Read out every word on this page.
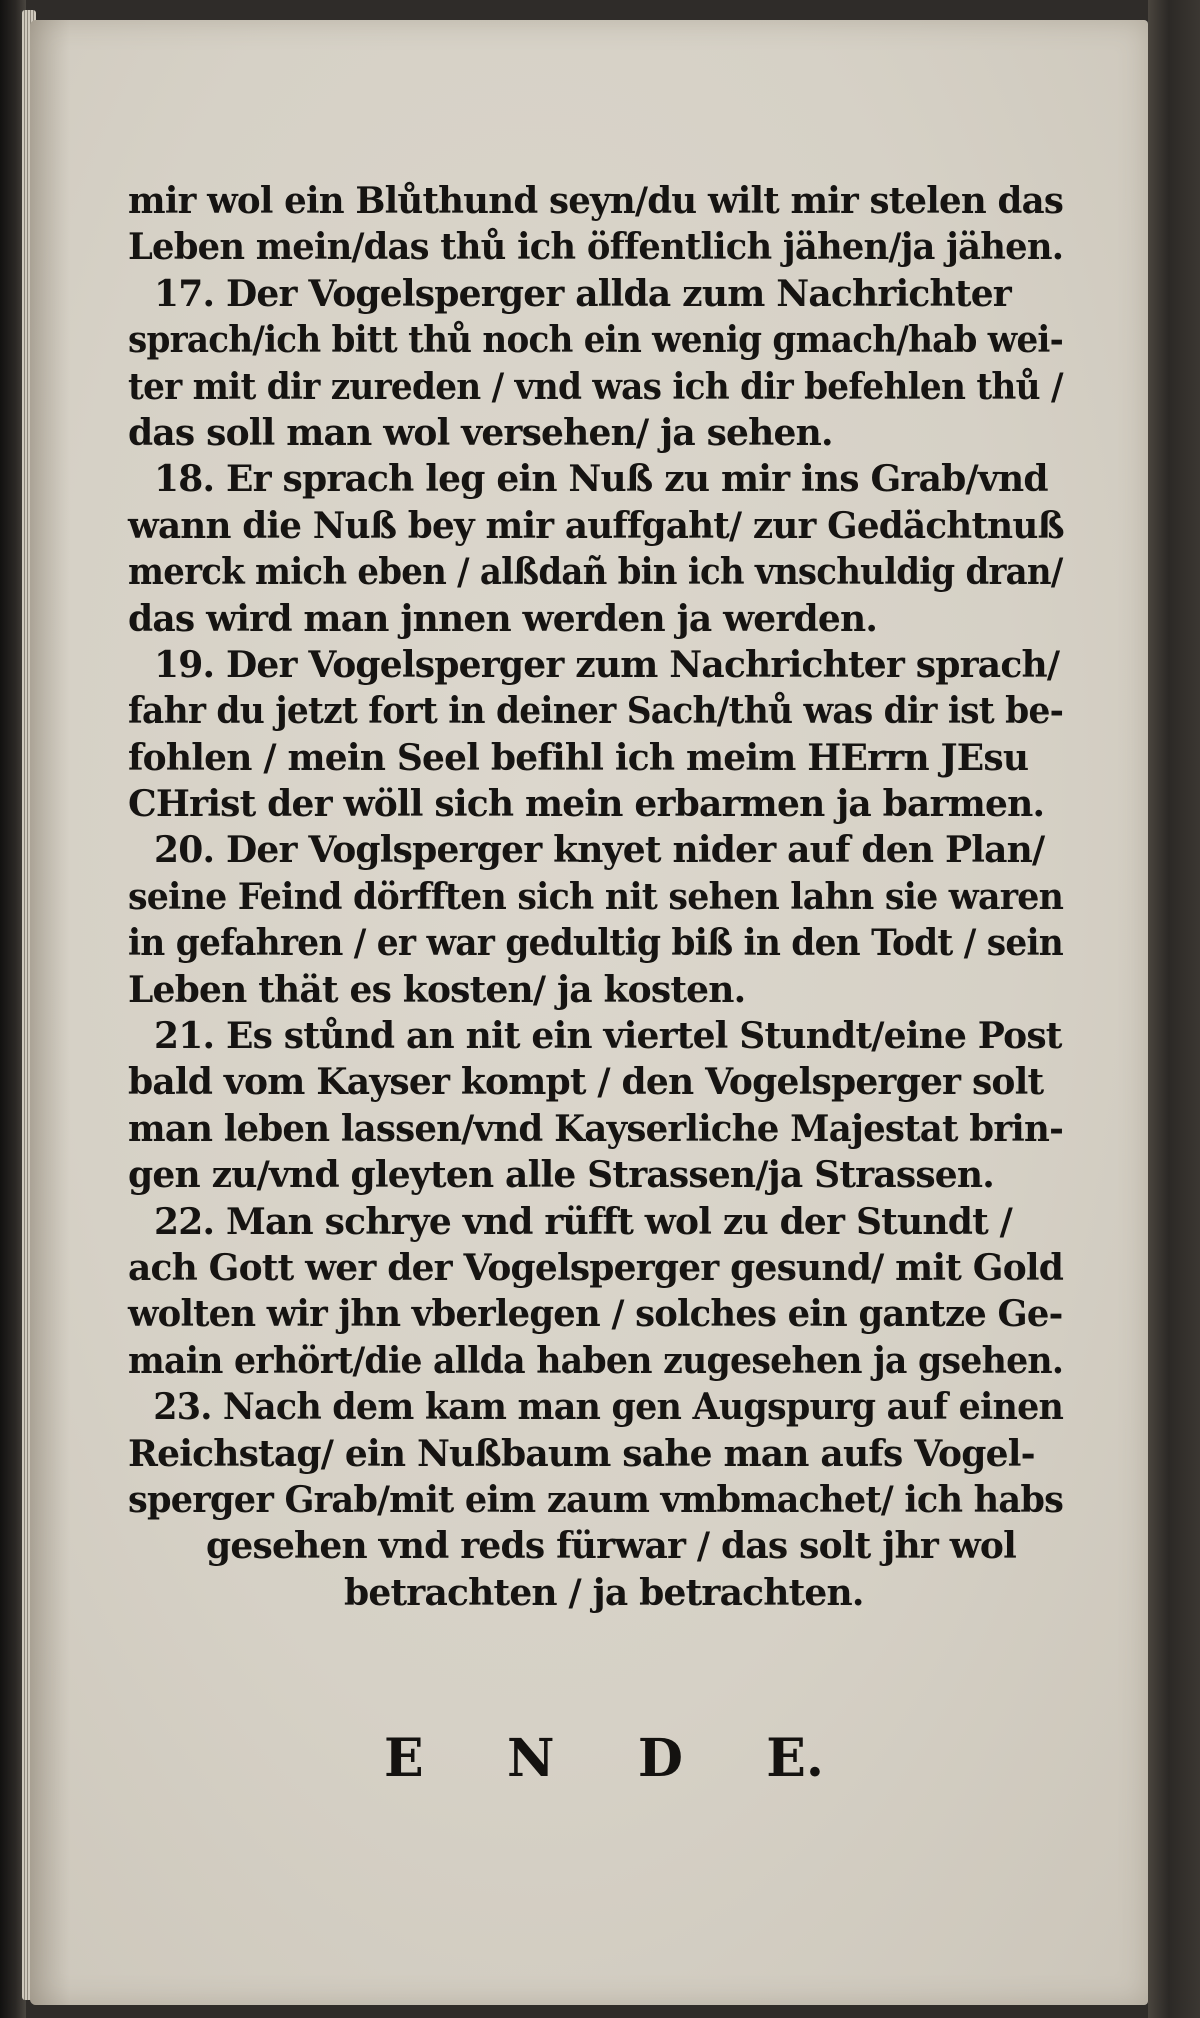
mir wol ein Blůthund seyn/du wilt mir stelen das
Leben mein/das thů ich öffentlich jähen/ja jähen.
17. Der Vogelsperger allda zum Nachrichter
sprach/ich bitt thů noch ein wenig gmach/hab wei-
ter mit dir zureden / vnd was ich dir befehlen thů /
das soll man wol versehen/ ja sehen.
18. Er sprach leg ein Nuß zu mir ins Grab/vnd
wann die Nuß bey mir auffgaht/ zur Gedächtnuß
merck mich eben / alßdañ bin ich vnschuldig dran/
das wird man jnnen werden ja werden.
19. Der Vogelsperger zum Nachrichter sprach/
fahr du jetzt fort in deiner Sach/thů was dir ist be-
fohlen / mein Seel befihl ich meim HErrn JEsu
CHrist der wöll sich mein erbarmen ja barmen.
20. Der Voglsperger knyet nider auf den Plan/
seine Feind dörfften sich nit sehen lahn sie waren
in gefahren / er war gedultig biß in den Todt / sein
Leben thät es kosten/ ja kosten.
21. Es stůnd an nit ein viertel Stundt/eine Post
bald vom Kayser kompt / den Vogelsperger solt
man leben lassen/vnd Kayserliche Majestat brin-
gen zu/vnd gleyten alle Strassen/ja Strassen.
22. Man schrye vnd rüfft wol zu der Stundt /
ach Gott wer der Vogelsperger gesund/ mit Gold
wolten wir jhn vberlegen / solches ein gantze Ge-
main erhört/die allda haben zugesehen ja gsehen.
23. Nach dem kam man gen Augspurg auf einen
Reichstag/ ein Nußbaum sahe man aufs Vogel-
sperger Grab/mit eim zaum vmbmachet/ ich habs
gesehen vnd reds fürwar / das solt jhr wol
betrachten / ja betrachten.
E N D E.
